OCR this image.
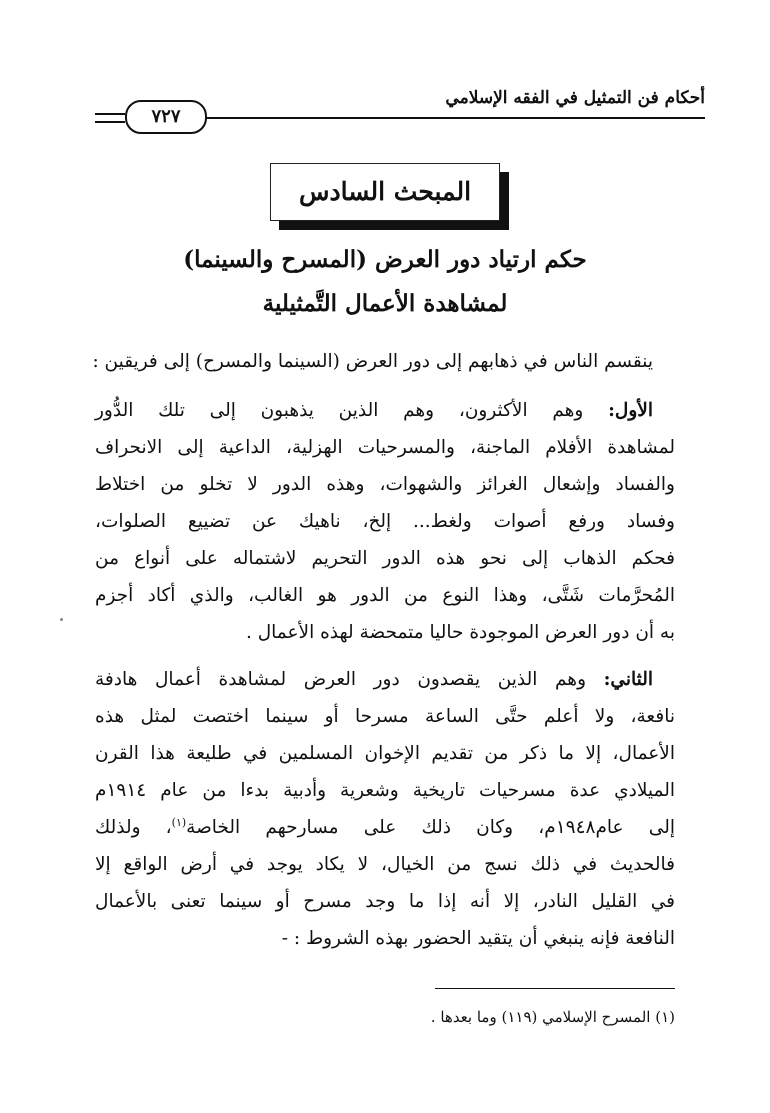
أحكام فن التمثيل في الفقه الإسلامي
٧٢٧
المبحث السادس
حكم ارتياد دور العرض (المسرح والسينما)
لمشاهدة الأعمال التَّمثيلية
ينقسم الناس في ذهابهم إلى دور العرض (السينما والمسرح) إلى فريقين :
الأول: وهم الأكثرون، وهم الذين يذهبون إلى تلك الدُّور
لمشاهدة الأفلام الماجنة، والمسرحيات الهزلية، الداعية إلى الانحراف
والفساد وإشعال الغرائز والشهوات، وهذه الدور لا تخلو من اختلاط
وفساد ورفع أصوات ولغط... إلخ، ناهيك عن تضييع الصلوات،
فحكم الذهاب إلى نحو هذه الدور التحريم لاشتماله على أنواع من
المُحرَّمات شَتَّى، وهذا النوع من الدور هو الغالب، والذي أكاد أجزم
به أن دور العرض الموجودة حاليا متمحضة لهذه الأعمال .
الثاني: وهم الذين يقصدون دور العرض لمشاهدة أعمال هادفة
نافعة، ولا أعلم حتَّى الساعة مسرحا أو سينما اختصت لمثل هذه
الأعمال، إلا ما ذكر من تقديم الإخوان المسلمين في طليعة هذا القرن
الميلادي عدة مسرحيات تاريخية وشعرية وأدبية بدءا من عام ١٩١٤م
إلى عام١٩٤٨م، وكان ذلك على مسارحهم الخاصة$^{(١)}$، ولذلك
فالحديث في ذلك نسج من الخيال، لا يكاد يوجد في أرض الواقع إلا
في القليل النادر، إلا أنه إذا ما وجد مسرح أو سينما تعنى بالأعمال
النافعة فإنه ينبغي أن يتقيد الحضور بهذه الشروط : -
(١) المسرح الإسلامي (١١٩) وما بعدها .
